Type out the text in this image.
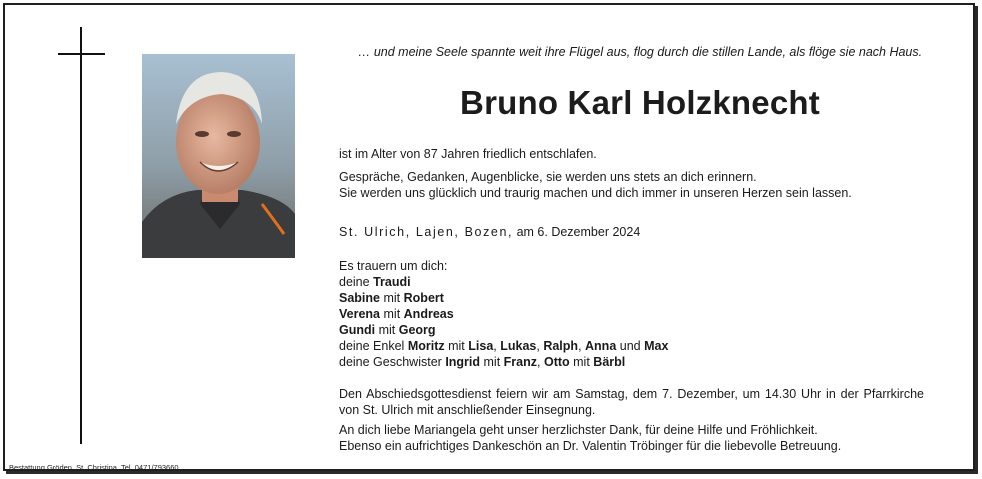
… und meine Seele spannte weit ihre Flügel aus, flog durch die stillen Lande, als flöge sie nach Haus.
Bruno Karl Holzknecht
ist im Alter von 87 Jahren friedlich entschlafen.
Gespräche, Gedanken, Augenblicke, sie werden uns stets an dich erinnern.
Sie werden uns glücklich und traurig machen und dich immer in unseren Herzen sein lassen.
St. Ulrich, Lajen, Bozen, am 6. Dezember 2024
Es trauern um dich:
deine Traudi
Sabine mit Robert
Verena mit Andreas
Gundi mit Georg
deine Enkel Moritz mit Lisa, Lukas, Ralph, Anna und Max
deine Geschwister Ingrid mit Franz, Otto mit Bärbl
Den Abschiedsgottesdienst feiern wir am Samstag, dem 7. Dezember, um 14.30 Uhr in der Pfarrkirche von St. Ulrich mit anschließender Einsegnung.
An dich liebe Mariangela geht unser herzlichster Dank, für deine Hilfe und Fröhlichkeit.
Ebenso ein aufrichtiges Dankeschön an Dr. Valentin Tröbinger für die liebevolle Betreuung.
Bestattung Gröden, St. Christina, Tel. 0471/793660
